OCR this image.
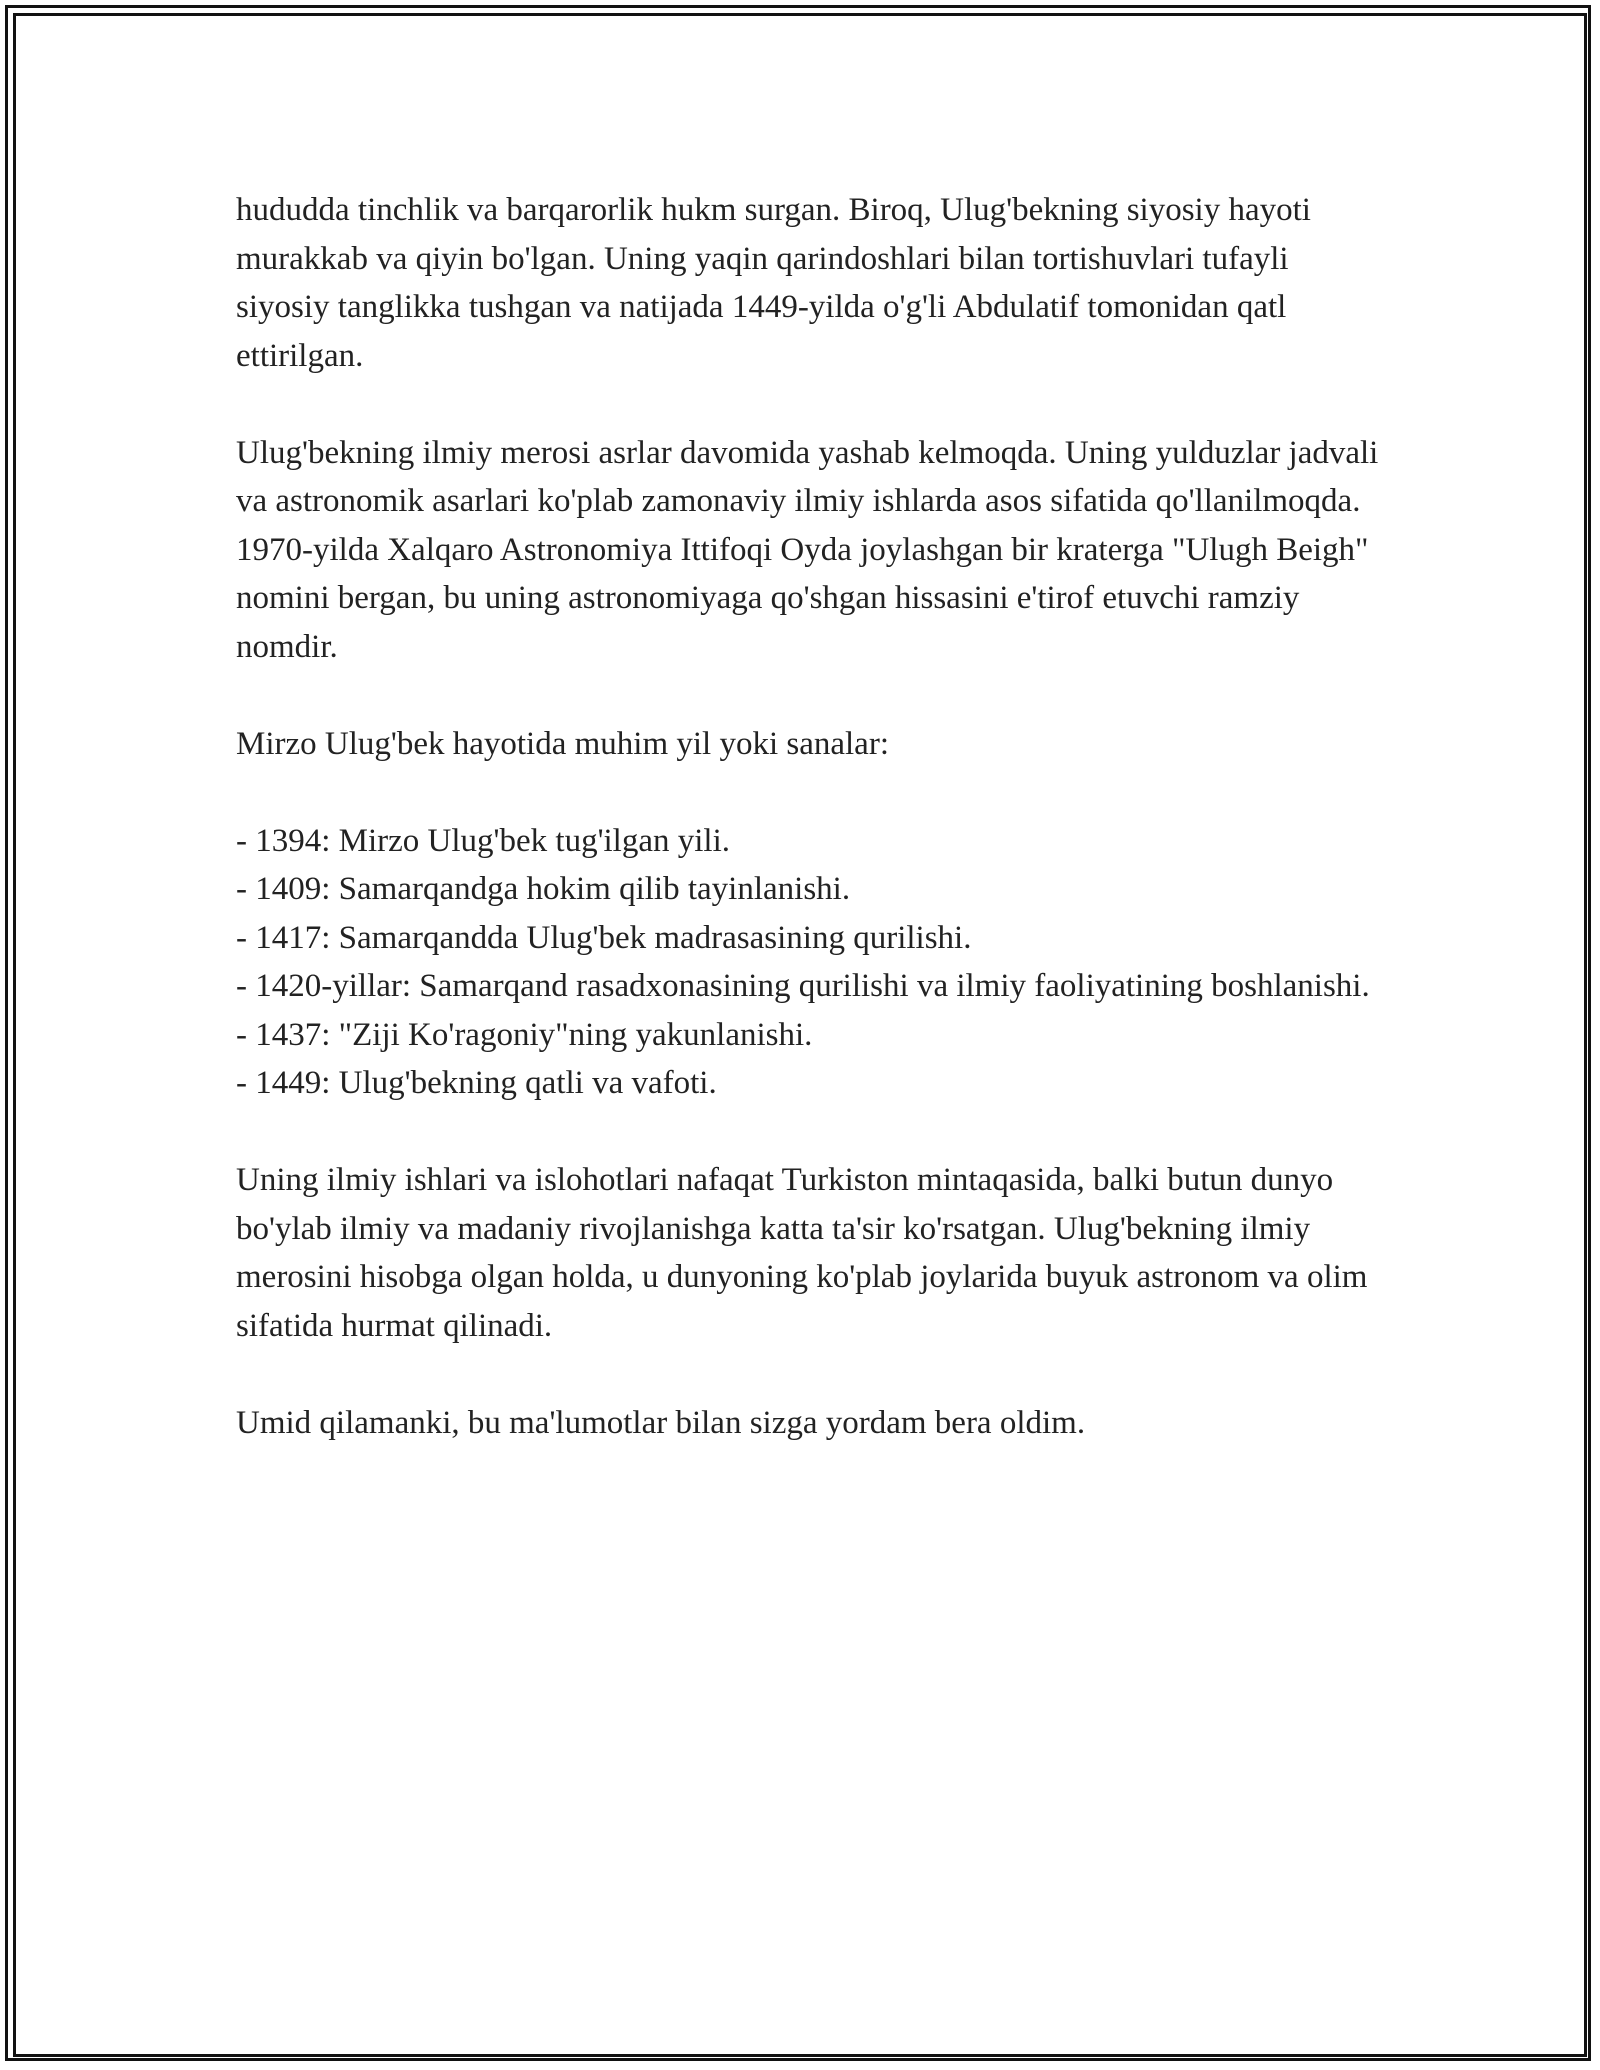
hududda tinchlik va barqarorlik hukm surgan. Biroq, Ulug'bekning siyosiy hayoti murakkab va qiyin bo'lgan. Uning yaqin qarindoshlari bilan tortishuvlari tufayli siyosiy tanglikka tushgan va natijada 1449-yilda o'g'li Abdulatif tomonidan qatl ettirilgan.

Ulug'bekning ilmiy merosi asrlar davomida yashab kelmoqda. Uning yulduzlar jadvali va astronomik asarlari ko'plab zamonaviy ilmiy ishlarda asos sifatida qo'llanilmoqda. 1970-yilda Xalqaro Astronomiya Ittifoqi Oyda joylashgan bir kraterga "Ulugh Beigh" nomini bergan, bu uning astronomiyaga qo'shgan hissasini e'tirof etuvchi ramziy nomdir.

Mirzo Ulug'bek hayotida muhim yil yoki sanalar:

- 1394: Mirzo Ulug'bek tug'ilgan yili.
- 1409: Samarqandga hokim qilib tayinlanishi.
- 1417: Samarqandda Ulug'bek madrasasining qurilishi.
- 1420-yillar: Samarqand rasadxonasining qurilishi va ilmiy faoliyatining boshlanishi.
- 1437: "Ziji Ko'ragoniy"ning yakunlanishi.
- 1449: Ulug'bekning qatli va vafoti.

Uning ilmiy ishlari va islohotlari nafaqat Turkiston mintaqasida, balki butun dunyo bo'ylab ilmiy va madaniy rivojlanishga katta ta'sir ko'rsatgan. Ulug'bekning ilmiy merosini hisobga olgan holda, u dunyoning ko'plab joylarida buyuk astronom va olim sifatida hurmat qilinadi.

Umid qilamanki, bu ma'lumotlar bilan sizga yordam bera oldim.
